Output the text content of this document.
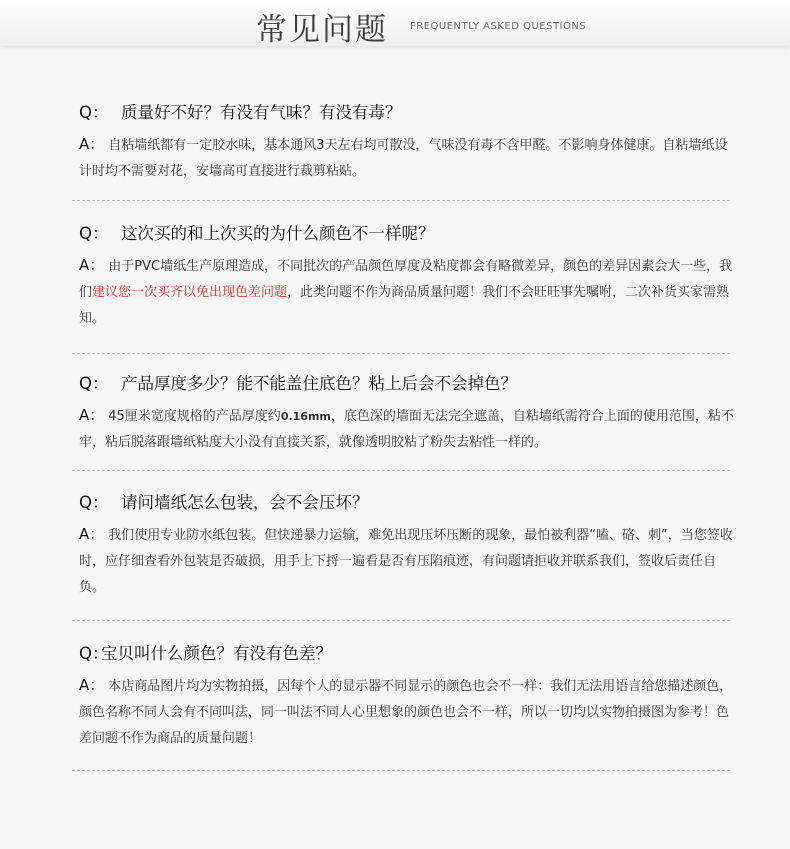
常见问题 FREQUENTLY ASKED QUESTIONS
Q： 质量好不好？有没有气味？有没有毒？
A： 自粘墙纸都有一定胶水味，基本通风3天左右均可散没，气味没有毒不含甲醛。不影响身体健康。自粘墙纸设计时均不需要对花，安墙高可直接进行裁剪粘贴。
Q： 这次买的和上次买的为什么颜色不一样呢？
A： 由于PVC墙纸生产原理造成，不同批次的产品颜色厚度及粘度都会有略微差异，颜色的差异因素会大一些，我们建议您一次买齐以免出现色差问题，此类问题不作为商品质量问题！我们不会旺旺事先嘱咐，二次补货买家需熟知。
Q： 产品厚度多少？能不能盖住底色？粘上后会不会掉色？
A： 45厘米宽度规格的产品厚度约0.16mm，底色深的墙面无法完全遮盖，自粘墙纸需符合上面的使用范围，粘不牢，粘后脱落跟墙纸粘度大小没有直接关系，就像透明胶粘了粉失去粘性一样的。
Q： 请问墙纸怎么包装，会不会压坏？
A： 我们使用专业防水纸包装。但快递暴力运输，难免出现压坏压断的现象，最怕被利器“嗑、硌、刺”，当您签收时，应仔细查看外包装是否破损，用手上下捋一遍看是否有压陷痕迹，有问题请拒收并联系我们，签收后责任自负。
Q：宝贝叫什么颜色？有没有色差？
A： 本店商品图片均为实物拍摄，因每个人的显示器不同显示的颜色也会不一样：我们无法用语言给您描述颜色，颜色名称不同人会有不同叫法，同一叫法不同人心里想象的颜色也会不一样，所以一切均以实物拍摄图为参考！色差问题不作为商品的质量问题！
